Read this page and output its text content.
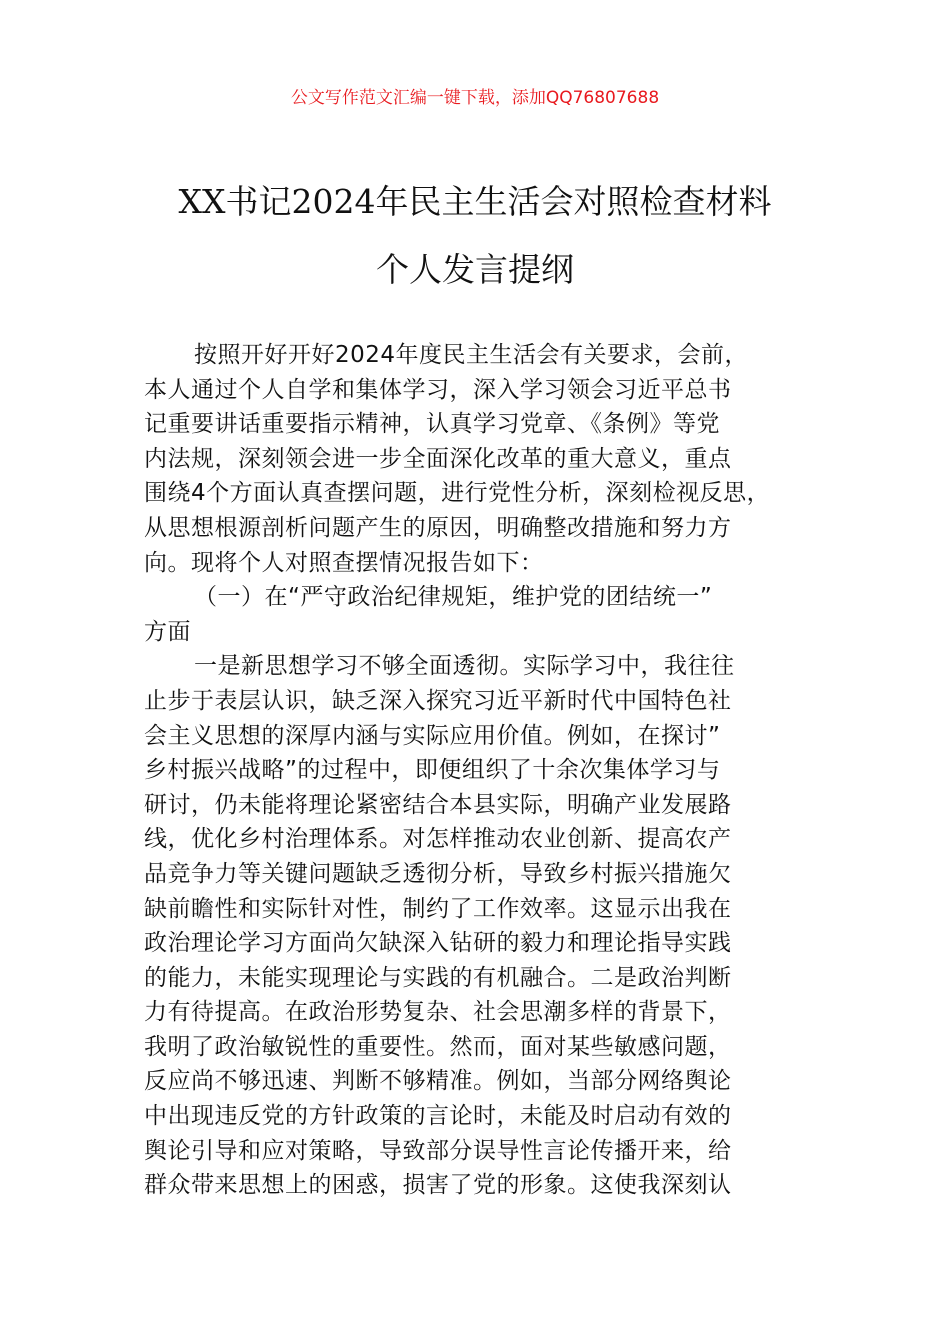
公文写作范文汇编一键下载，添加QQ76807688
XX书记2024年民主生活会对照检查材料
个人发言提纲
按照开好开好2024年度民主生活会有关要求，会前，
本人通过个人自学和集体学习，深入学习领会习近平总书
记重要讲话重要指示精神，认真学习党章、《条例》等党
内法规，深刻领会进一步全面深化改革的重大意义，重点
围绕4个方面认真查摆问题，进行党性分析，深刻检视反思，
从思想根源剖析问题产生的原因，明确整改措施和努力方
向。现将个人对照查摆情况报告如下：
（一）在“严守政治纪律规矩，维护党的团结统一”
方面
一是新思想学习不够全面透彻。实际学习中，我往往
止步于表层认识，缺乏深入探究习近平新时代中国特色社
会主义思想的深厚内涵与实际应用价值。例如，在探讨”
乡村振兴战略”的过程中，即便组织了十余次集体学习与
研讨，仍未能将理论紧密结合本县实际，明确产业发展路
线，优化乡村治理体系。对怎样推动农业创新、提高农产
品竞争力等关键问题缺乏透彻分析，导致乡村振兴措施欠
缺前瞻性和实际针对性，制约了工作效率。这显示出我在
政治理论学习方面尚欠缺深入钻研的毅力和理论指导实践
的能力，未能实现理论与实践的有机融合。二是政治判断
力有待提高。在政治形势复杂、社会思潮多样的背景下，
我明了政治敏锐性的重要性。然而，面对某些敏感问题，
反应尚不够迅速、判断不够精准。例如，当部分网络舆论
中出现违反党的方针政策的言论时，未能及时启动有效的
舆论引导和应对策略，导致部分误导性言论传播开来，给
群众带来思想上的困惑，损害了党的形象。这使我深刻认
